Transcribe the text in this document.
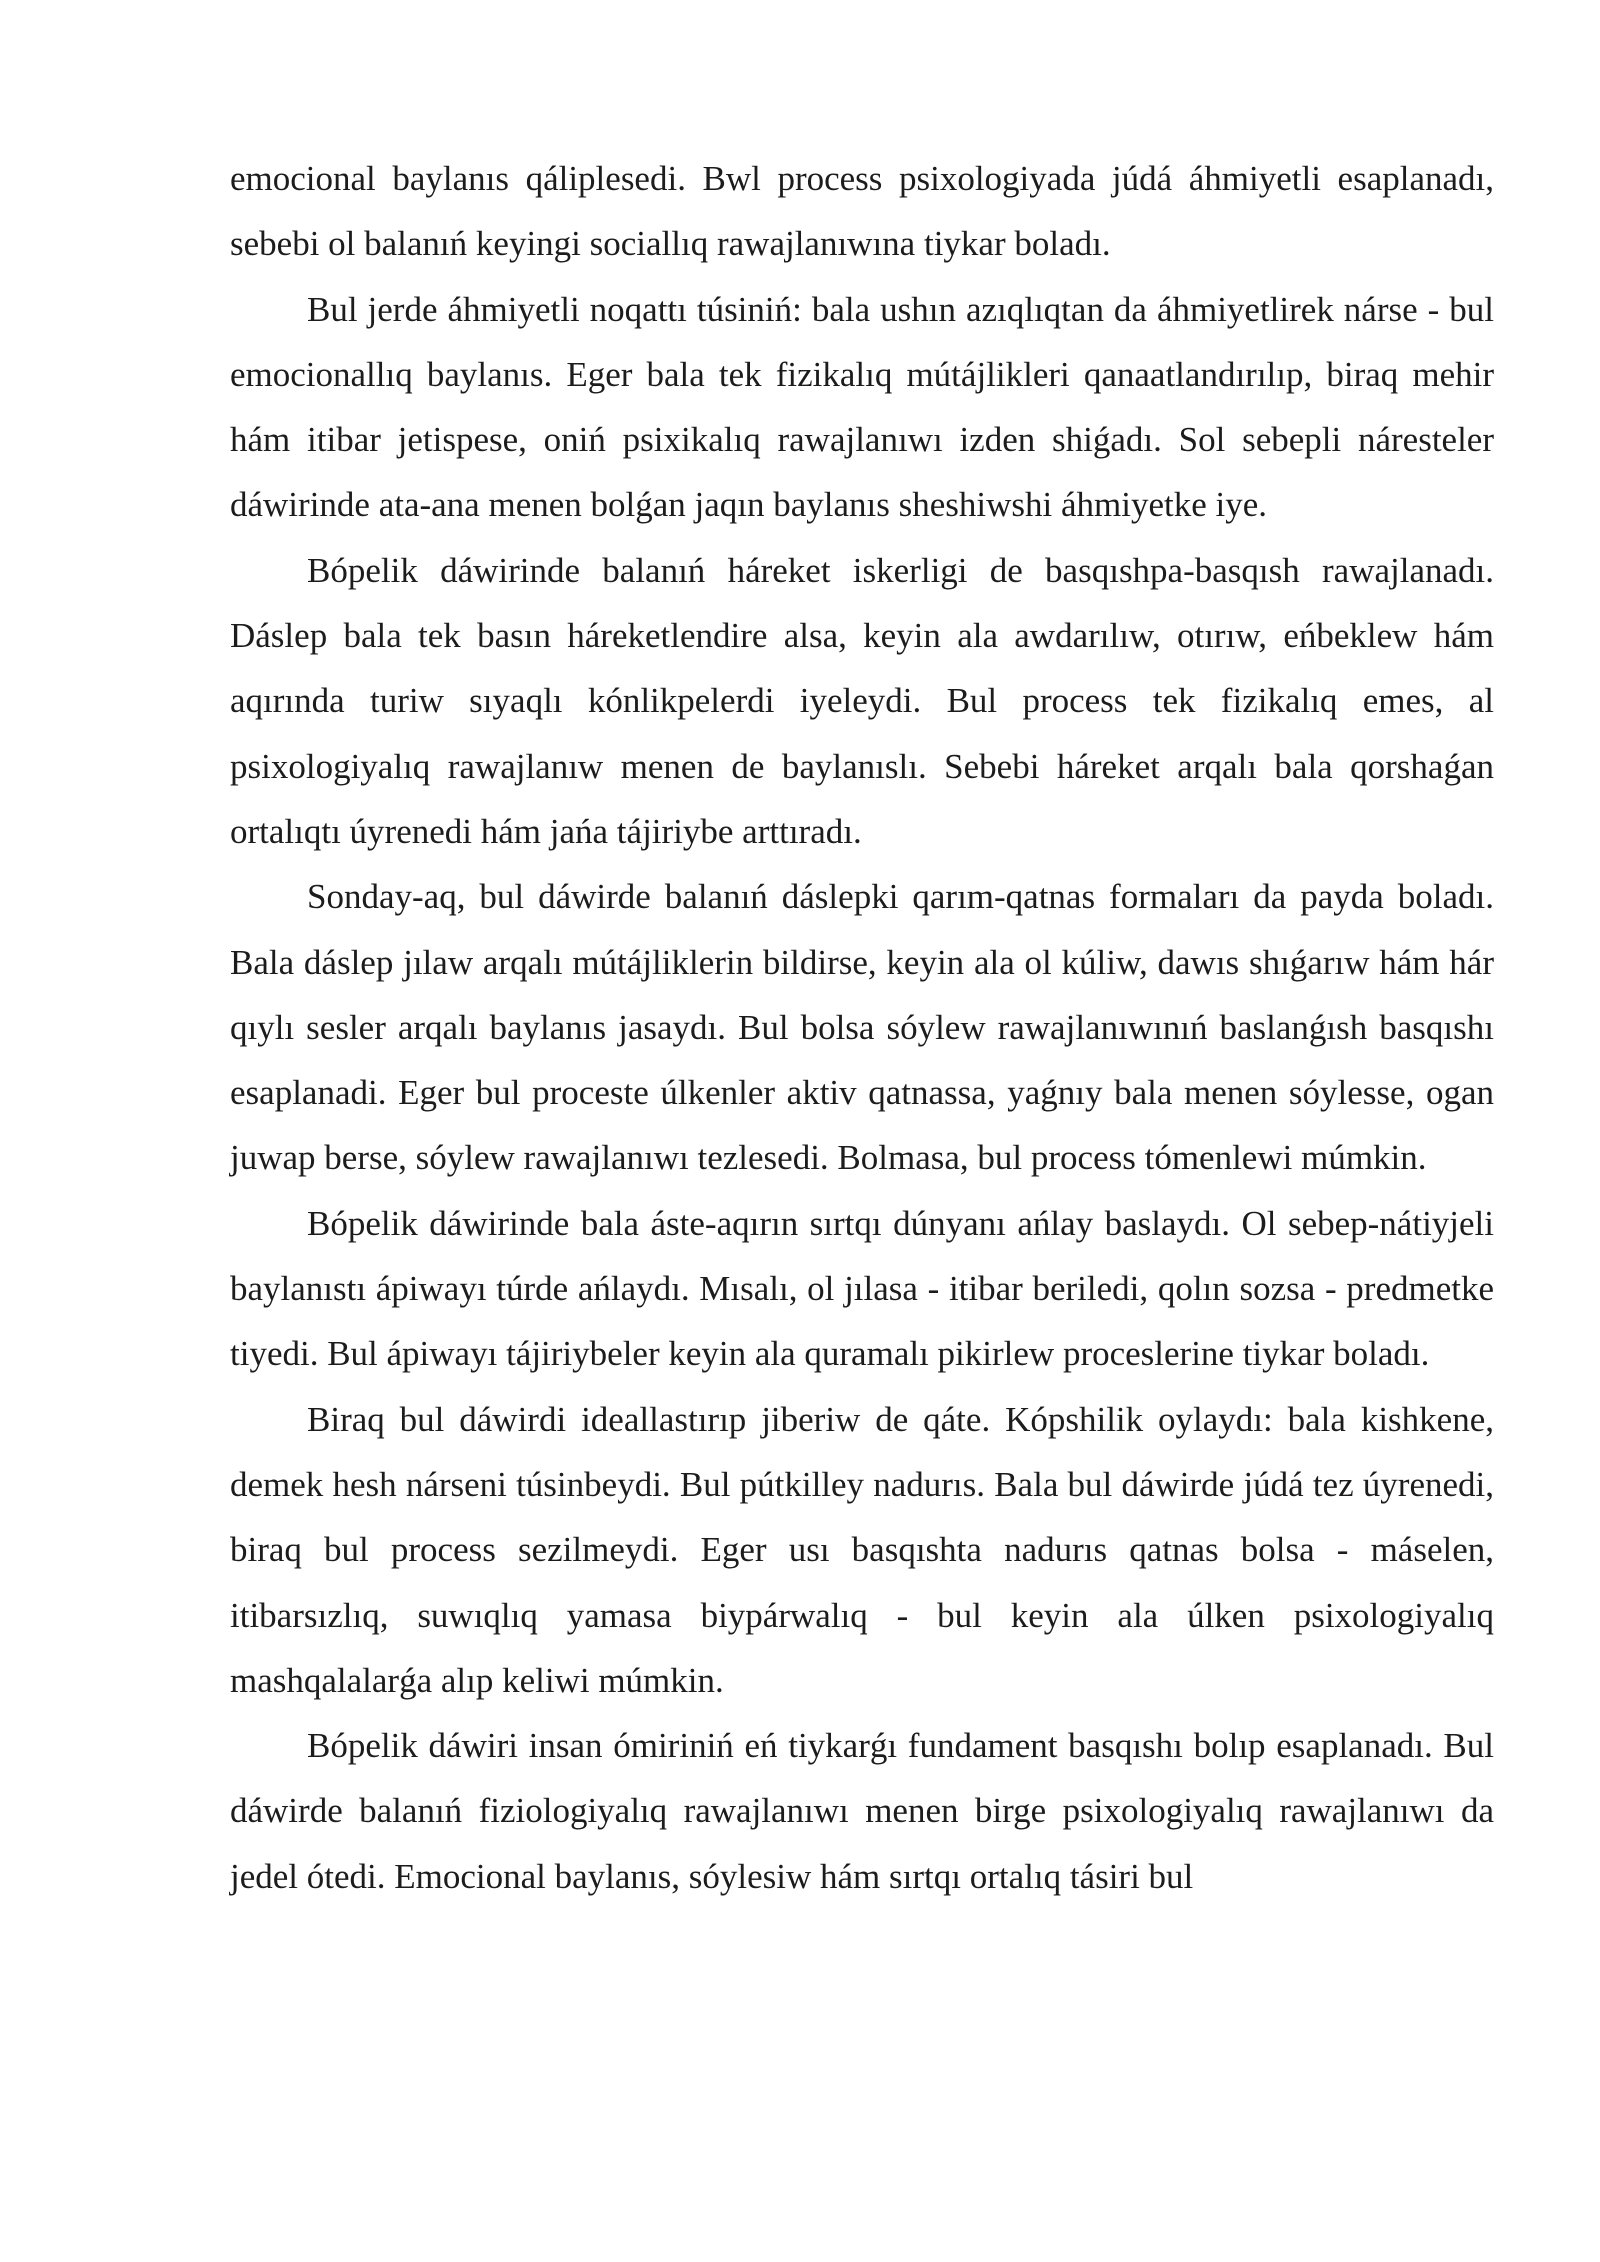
emocional baylanıs qáliplesedi. Bwl process psixologiyada júdá áhmiyetli esaplanadı, sebebi ol balanıń keyingi sociallıq rawajlanıwına tiykar boladı.

Bul jerde áhmiyetli noqattı túsiniń: bala ushın azıqlıqtan da áhmiyetlirek nárse - bul emocionallıq baylanıs. Eger bala tek fizikalıq mútájlikleri qanaatlandırılıp, biraq mehir hám itibar jetispese, oniń psixikalıq rawajlanıwı izden shiǵadı. Sol sebepli náresteler dáwirinde ata-ana menen bolǵan jaqın baylanıs sheshiwshi áhmiyetke iye.

Bópelik dáwirinde balanıń háreket iskerligi de basqıshpa-basqısh rawajlanadı. Dáslep bala tek basın háreketlendire alsa, keyin ala awdarılıw, otırıw, eńbeklew hám aqırında turiw sıyaqlı kónlikpelerdi iyeleydi. Bul process tek fizikalıq emes, al psixologiyalıq rawajlanıw menen de baylanıslı. Sebebi háreket arqalı bala qorshaǵan ortalıqtı úyrenedi hám jańa tájiriybe arttıradı.

Sonday-aq, bul dáwirde balanıń dáslepki qarım-qatnas formaları da payda boladı. Bala dáslep jılaw arqalı mútájliklerin bildirse, keyin ala ol kúliw, dawıs shıǵarıw hám hár qıylı sesler arqalı baylanıs jasaydı. Bul bolsa sóylew rawajlanıwınıń baslanǵısh basqıshı esaplanadi. Eger bul proceste úlkenler aktiv qatnassa, yaǵnıy bala menen sóylesse, ogan juwap berse, sóylew rawajlanıwı tezlesedi. Bolmasa, bul process tómenlewi múmkin.

Bópelik dáwirinde bala áste-aqırın sırtqı dúnyanı ańlay baslaydı. Ol sebep-nátiyjeli baylanıstı ápiwayı túrde ańlaydı. Mısalı, ol jılasa - itibar beriledi, qolın sozsa - predmetke tiyedi. Bul ápiwayı tájiriybeler keyin ala quramalı pikirlew proceslerine tiykar boladı.

Biraq bul dáwirdi ideallastırıp jiberiw de qáte. Kópshilik oylaydı: bala kishkene, demek hesh nárseni túsinbeydi. Bul pútkilley nadurıs. Bala bul dáwirde júdá tez úyrenedi, biraq bul process sezilmeydi. Eger usı basqıshta nadurıs qatnas bolsa - máselen, itibarsızlıq, suwıqlıq yamasa biypárwalıq - bul keyin ala úlken psixologiyalıq mashqalalarǵa alıp keliwi múmkin.

Bópelik dáwiri insan ómiriniń eń tiykarǵı fundament basqıshı bolıp esaplanadı. Bul dáwirde balanıń fiziologiyalıq rawajlanıwı menen birge psixologiyalıq rawajlanıwı da jedel ótedi. Emocional baylanıs, sóylesiw hám sırtqı ortalıq tásiri bul
